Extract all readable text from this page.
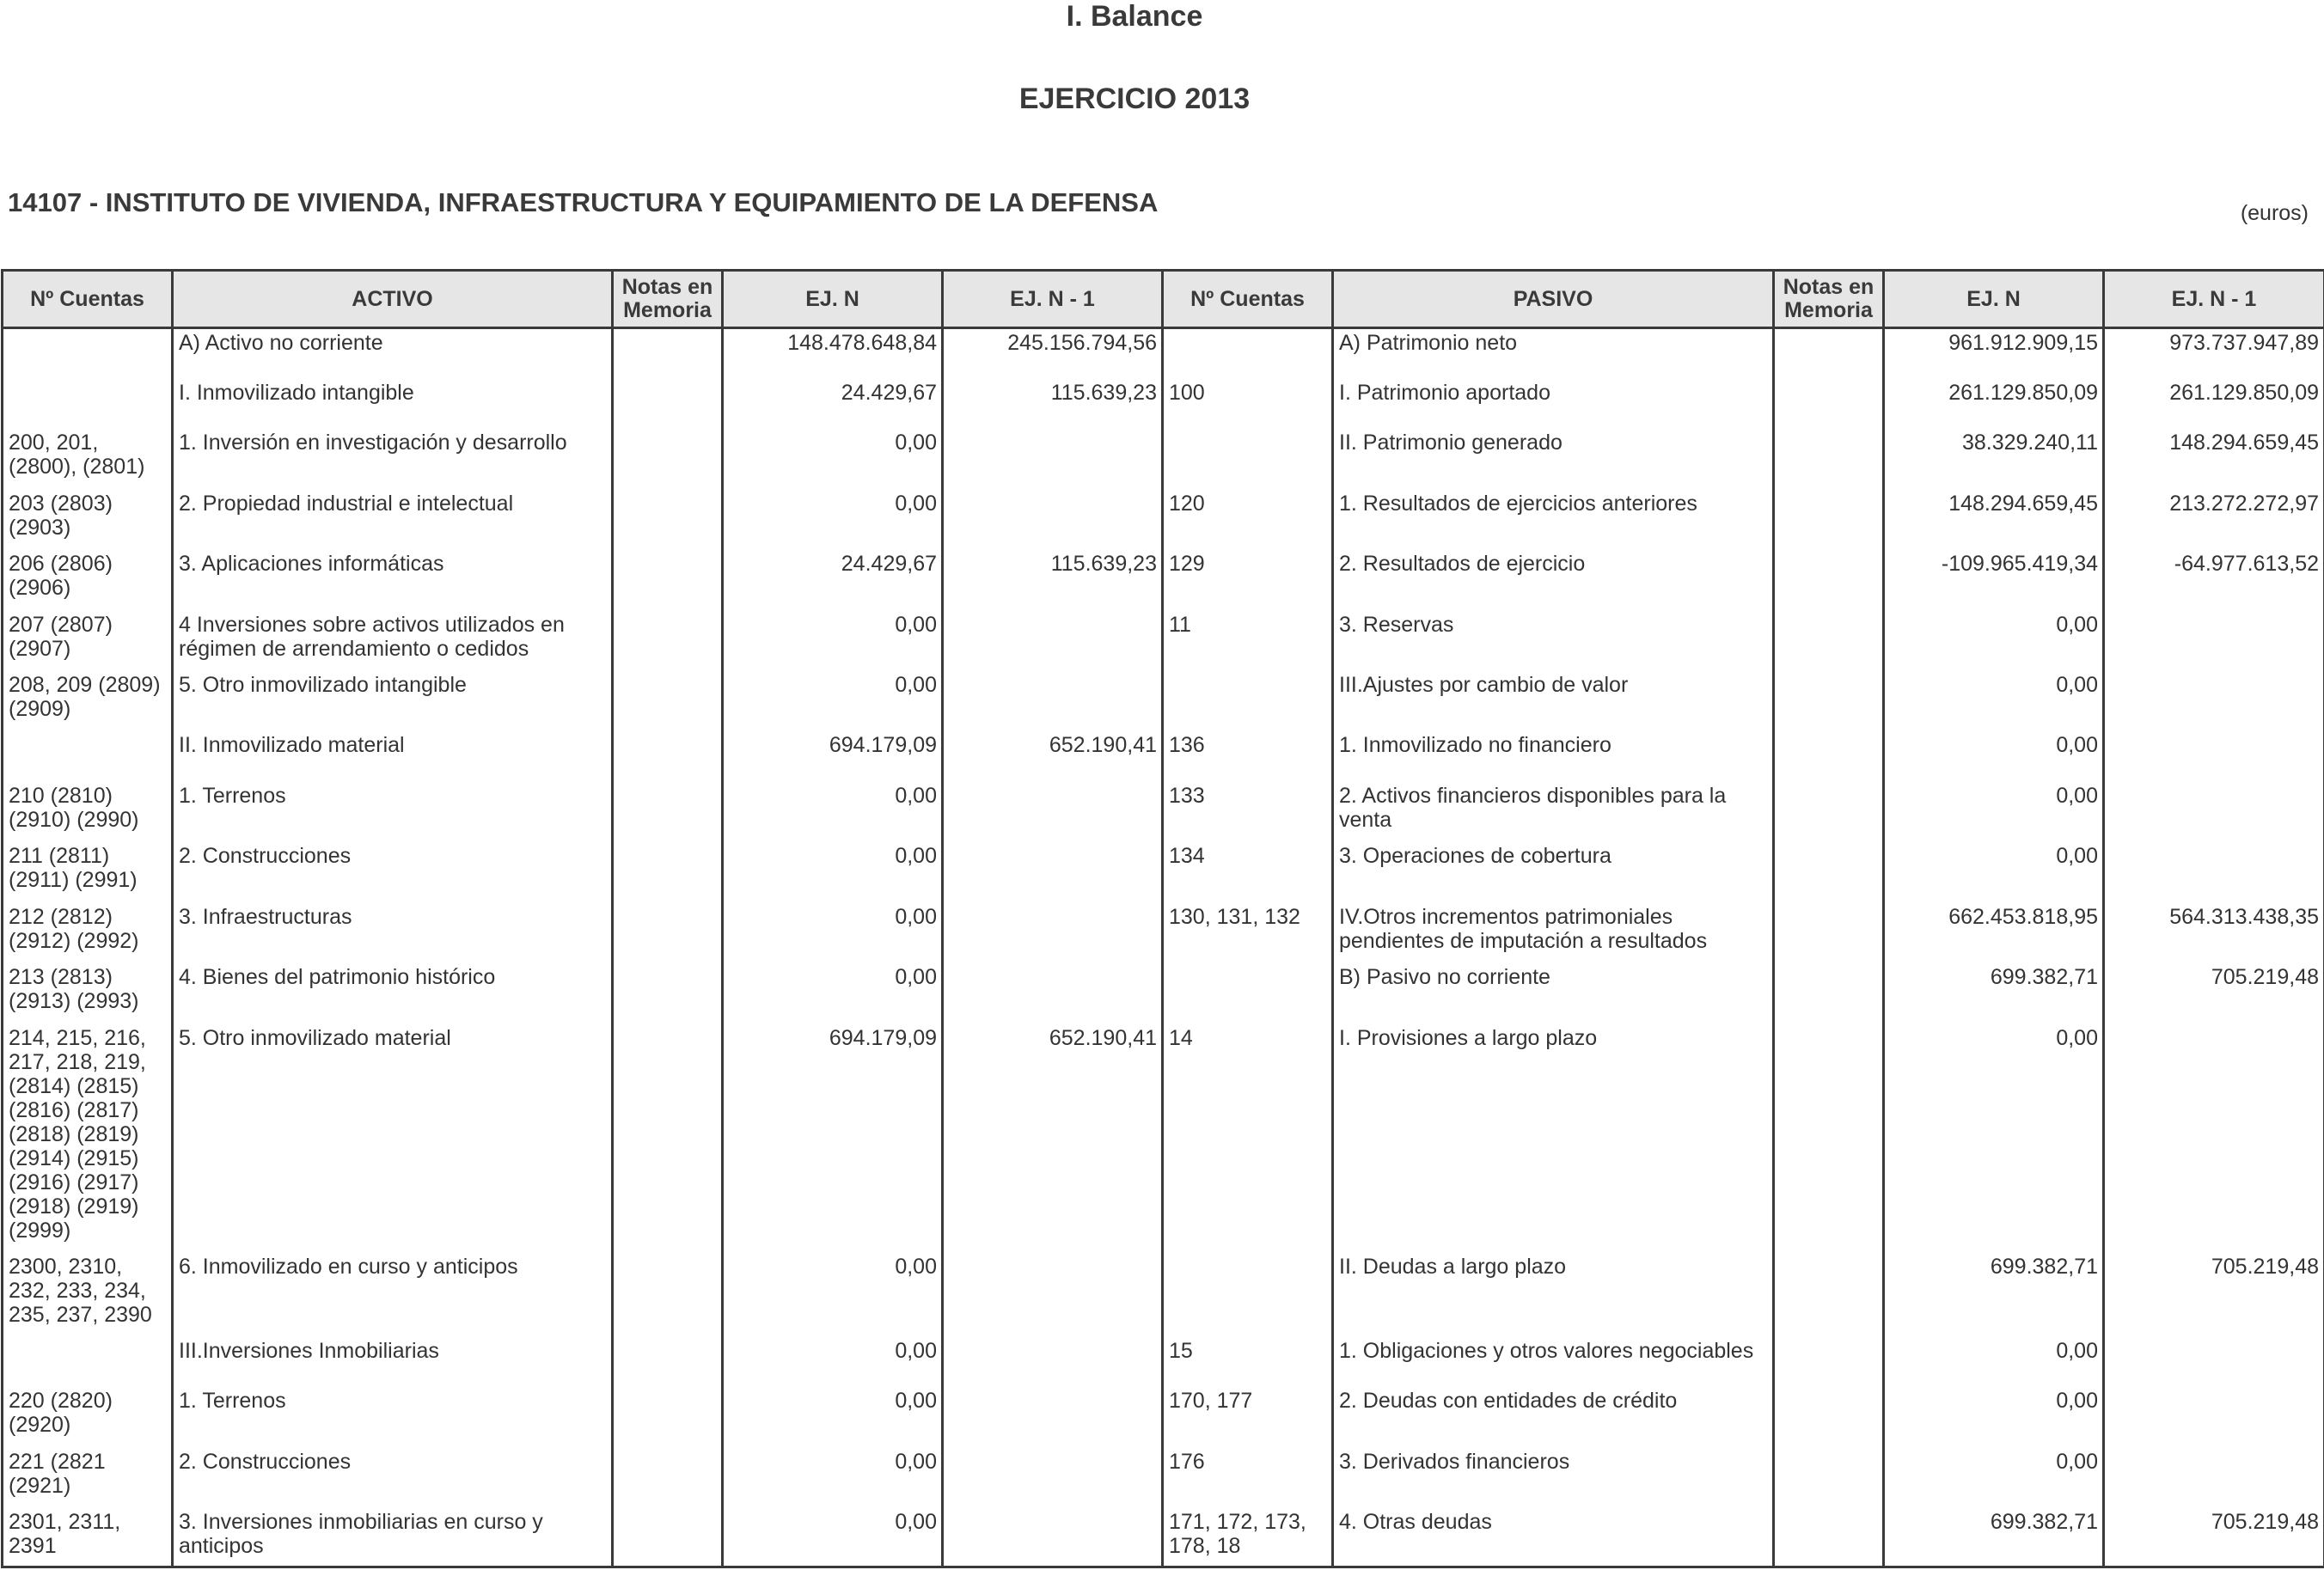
I. Balance
EJERCICIO 2013
14107 - INSTITUTO DE VIVIENDA, INFRAESTRUCTURA Y EQUIPAMIENTO DE LA DEFENSA	(euros)
Nº Cuentas	ACTIVO	Notas en Memoria	EJ. N	EJ. N - 1	Nº Cuentas	PASIVO	Notas en Memoria	EJ. N	EJ. N - 1
	A) Activo no corriente		148.478.648,84	245.156.794,56		A) Patrimonio neto		961.912.909,15	973.737.947,89
	I. Inmovilizado intangible		24.429,67	115.639,23	100	I. Patrimonio aportado		261.129.850,09	261.129.850,09
200, 201, (2800), (2801)	1. Inversión en investigación y desarrollo		0,00			II. Patrimonio generado		38.329.240,11	148.294.659,45
203 (2803) (2903)	2. Propiedad industrial e intelectual		0,00		120	1. Resultados de ejercicios anteriores		148.294.659,45	213.272.272,97
206 (2806) (2906)	3. Aplicaciones informáticas		24.429,67	115.639,23	129	2. Resultados de ejercicio		-109.965.419,34	-64.977.613,52
207 (2807) (2907)	4 Inversiones sobre activos utilizados en régimen de arrendamiento o cedidos		0,00		11	3. Reservas		0,00	
208, 209 (2809) (2909)	5. Otro inmovilizado intangible		0,00			III.Ajustes por cambio de valor		0,00	
	II. Inmovilizado material		694.179,09	652.190,41	136	1. Inmovilizado no financiero		0,00	
210 (2810) (2910) (2990)	1. Terrenos		0,00		133	2. Activos financieros disponibles para la venta		0,00	
211 (2811) (2911) (2991)	2. Construcciones		0,00		134	3. Operaciones de cobertura		0,00	
212 (2812) (2912) (2992)	3. Infraestructuras		0,00		130, 131, 132	IV.Otros incrementos patrimoniales pendientes de imputación a resultados		662.453.818,95	564.313.438,35
213 (2813) (2913) (2993)	4. Bienes del patrimonio histórico		0,00			B) Pasivo no corriente		699.382,71	705.219,48
214, 215, 216, 217, 218, 219, (2814) (2815) (2816) (2817) (2818) (2819) (2914) (2915) (2916) (2917) (2918) (2919) (2999)	5. Otro inmovilizado material		694.179,09	652.190,41	14	I. Provisiones a largo plazo		0,00	
2300, 2310, 232, 233, 234, 235, 237, 2390	6. Inmovilizado en curso y anticipos		0,00			II. Deudas a largo plazo		699.382,71	705.219,48
	III.Inversiones Inmobiliarias		0,00		15	1. Obligaciones y otros valores negociables		0,00	
220 (2820) (2920)	1. Terrenos		0,00		170, 177	2. Deudas con entidades de crédito		0,00	
221 (2821 (2921)	2. Construcciones		0,00		176	3. Derivados financieros		0,00	
2301, 2311, 2391	3. Inversiones inmobiliarias en curso y anticipos		0,00		171, 172, 173, 178, 18	4. Otras deudas		699.382,71	705.219,48
